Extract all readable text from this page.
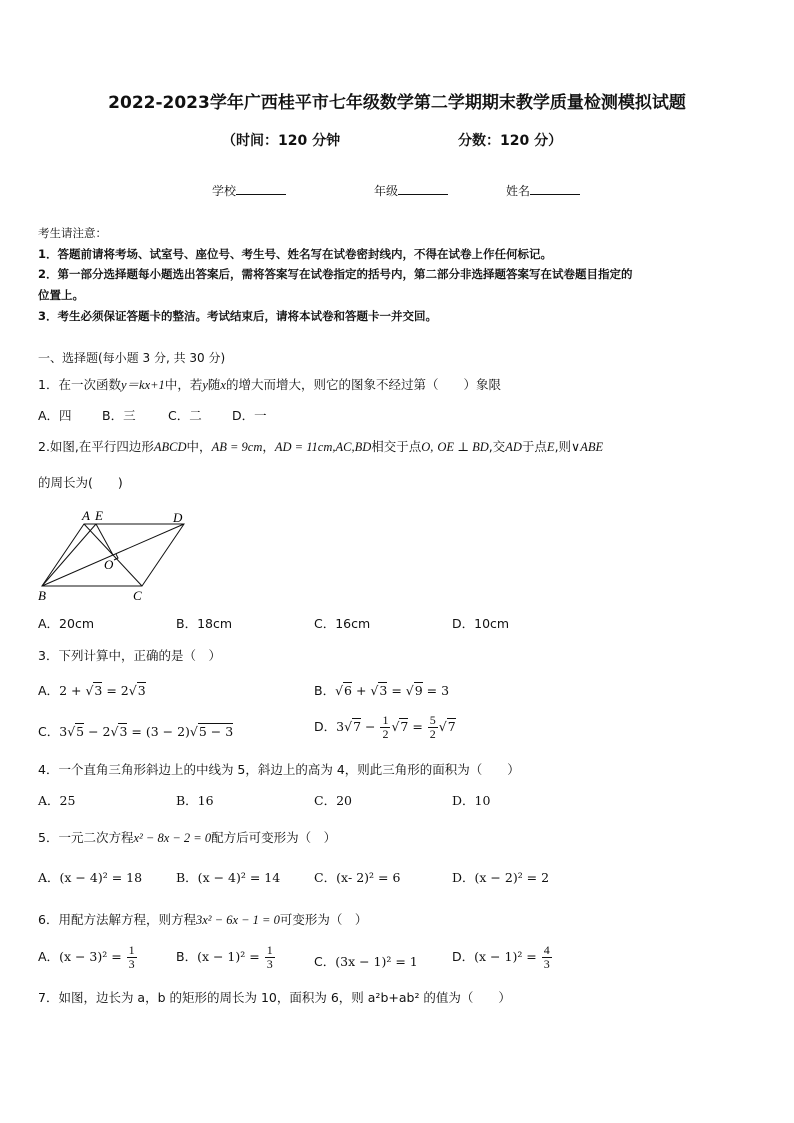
2022-2023学年广西桂平市七年级数学第二学期期末教学质量检测模拟试题
（时间：120 分钟	分数：120 分）
学校	年级	姓名
考生请注意：
1．答题前请将考场、试室号、座位号、考生号、姓名写在试卷密封线内，不得在试卷上作任何标记。
2．第一部分选择题每小题选出答案后，需将答案写在试卷指定的括号内，第二部分非选择题答案写在试卷题目指定的
位置上。
3．考生必须保证答题卡的整洁。考试结束后，请将本试卷和答题卡一并交回。
一、选择题(每小题 3 分, 共 30 分)
1．在一次函数y＝kx+1中，若y随x的增大而增大，则它的图象不经过第（　　）象限
A．四 B．三	C．二 D．一
2.如图,在平行四边形ABCD中，AB = 9cm，AD = 11cm,AC,BD相交于点O, OE ⊥ BD,交AD于点E,则∨ABE
的周长为(　　)
A E	D
O
B	C
A．20cm	B．18cm	C．16cm	D．10cm
3．下列计算中，正确的是（　）
A．2 + √3 = 2√3	B．√6 + √3 = √9 = 3
C．3√5 − 2√3 = (3 − 2)√5 − 3	D．$3√7 - \frac{1}{2} √7 = \frac{5}{2} √7$
4．一个直角三角形斜边上的中线为 5，斜边上的高为 4，则此三角形的面积为（　　）
A．25	B．16	C．20	D．10
5．一元二次方程x² − 8x − 2 = 0配方后可变形为（　）
A．(x − 4)² = 18	B．(x − 4)² = 14	C．(x‐ 2)² = 6	D．(x − 2)² = 2
6．用配方法解方程，则方程3x² − 6x − 1 = 0可变形为（　）
A．$(x - 3)^2 = \frac{1}{3}$	B．$(x - 1)^2 = \frac{1}{3}$	C．(3x − 1)² = 1	D．$(x - 1)^2 = \frac{4}{3}$
7．如图，边长为 a，b 的矩形的周长为 10，面积为 6，则 a²b+ab² 的值为（　　）
